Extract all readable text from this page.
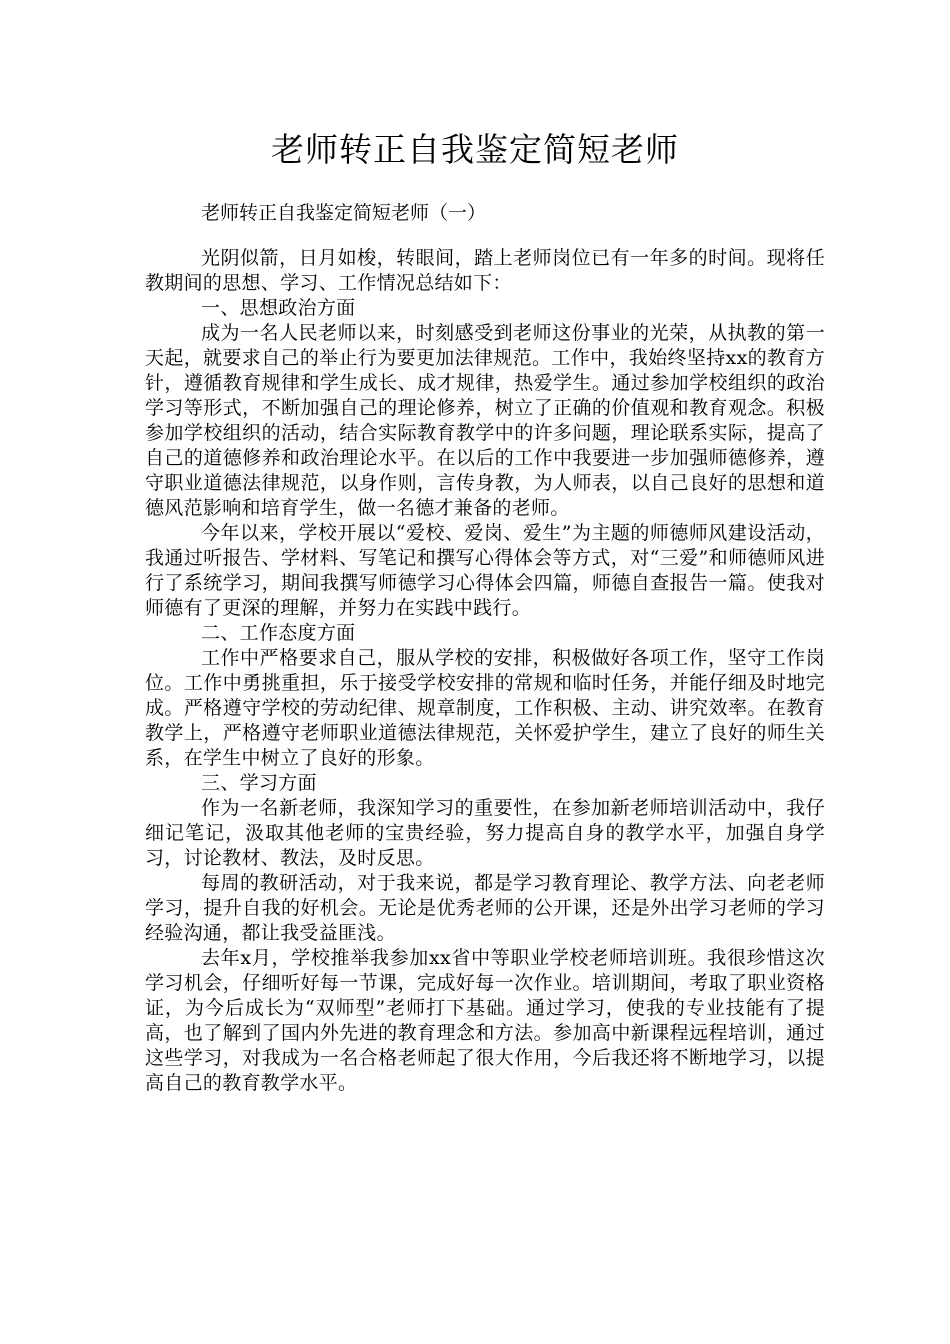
老师转正自我鉴定简短老师
老师转正自我鉴定简短老师（一）

光阴似箭，日月如梭，转眼间，踏上老师岗位已有一年多的时间。现将任教期间的思想、学习、工作情况总结如下：

一、思想政治方面

成为一名人民老师以来，时刻感受到老师这份事业的光荣，从执教的第一天起，就要求自己的举止行为要更加法律规范。工作中，我始终坚持xx的教育方针，遵循教育规律和学生成长、成才规律，热爱学生。通过参加学校组织的政治学习等形式，不断加强自己的理论修养，树立了正确的价值观和教育观念。积极参加学校组织的活动，结合实际教育教学中的许多问题，理论联系实际，提高了自己的道德修养和政治理论水平。在以后的工作中我要进一步加强师德修养，遵守职业道德法律规范，以身作则，言传身教，为人师表，以自己良好的思想和道德风范影响和培育学生，做一名德才兼备的老师。

今年以来，学校开展以“爱校、爱岗、爱生”为主题的师德师风建设活动，我通过听报告、学材料、写笔记和撰写心得体会等方式，对“三爱”和师德师风进行了系统学习，期间我撰写师德学习心得体会四篇，师德自查报告一篇。使我对师德有了更深的理解，并努力在实践中践行。

二、工作态度方面

工作中严格要求自己，服从学校的安排，积极做好各项工作，坚守工作岗位。工作中勇挑重担，乐于接受学校安排的常规和临时任务，并能仔细及时地完成。严格遵守学校的劳动纪律、规章制度，工作积极、主动、讲究效率。在教育教学上，严格遵守老师职业道德法律规范，关怀爱护学生，建立了良好的师生关系，在学生中树立了良好的形象。

三、学习方面

作为一名新老师，我深知学习的重要性，在参加新老师培训活动中，我仔细记笔记，汲取其他老师的宝贵经验，努力提高自身的教学水平，加强自身学习，讨论教材、教法，及时反思。

每周的教研活动，对于我来说，都是学习教育理论、教学方法、向老老师学习，提升自我的好机会。无论是优秀老师的公开课，还是外出学习老师的学习经验沟通，都让我受益匪浅。

去年x月，学校推举我参加xx省中等职业学校老师培训班。我很珍惜这次学习机会，仔细听好每一节课，完成好每一次作业。培训期间，考取了职业资格证，为今后成长为“双师型”老师打下基础。通过学习，使我的专业技能有了提高，也了解到了国内外先进的教育理念和方法。参加高中新课程远程培训，通过这些学习，对我成为一名合格老师起了很大作用，今后我还将不断地学习，以提高自己的教育教学水平。
